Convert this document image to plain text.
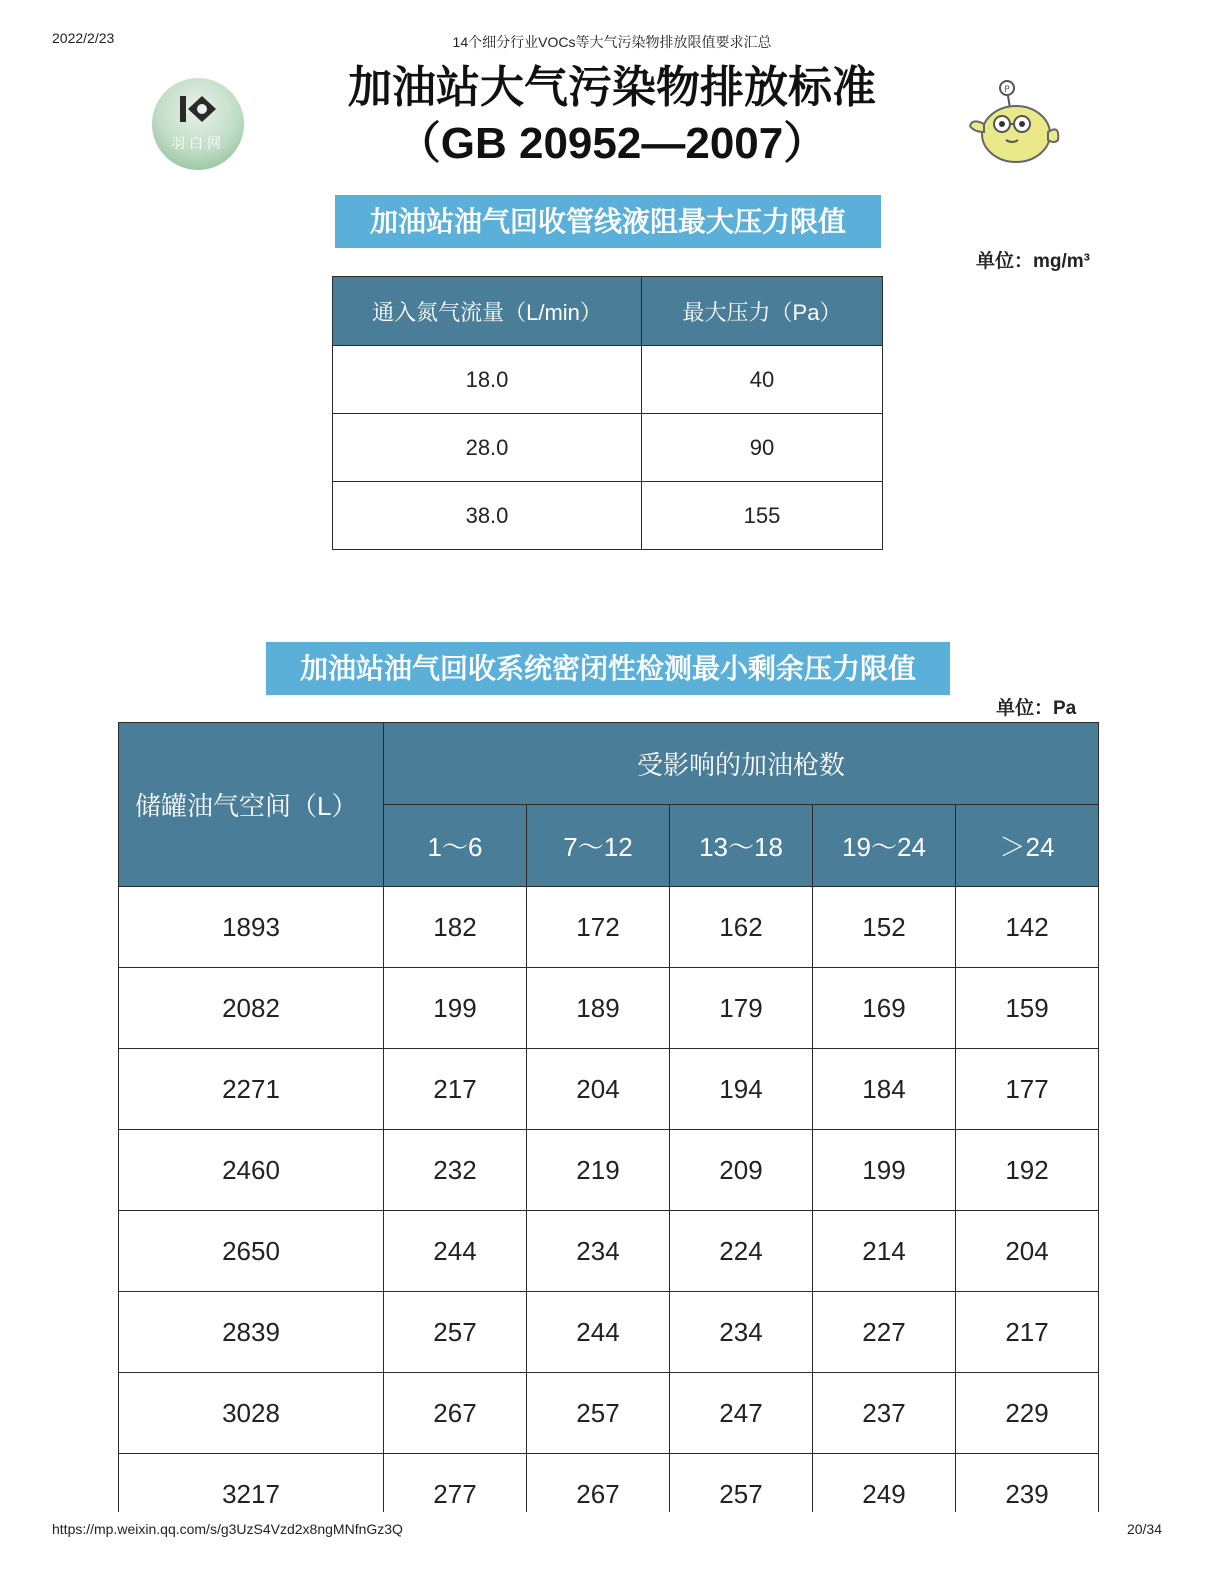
2022/2/23	14个细分行业VOCs等大气污染物排放限值要求汇总
羽白网
P
加油站大气污染物排放标准
（GB 20952—2007）
加油站油气回收管线液阻最大压力限值
单位：mg/m³
通入氮气流量（L/min）	最大压力（Pa）
18.0	40
28.0	90
38.0	155
加油站油气回收系统密闭性检测最小剩余压力限值
单位：Pa
储罐油气空间（L）	受影响的加油枪数				
	1～6	7～12	13～18	19～24	＞24
1893	182	172	162	152	142
2082	199	189	179	169	159
2271	217	204	194	184	177
2460	232	219	209	199	192
2650	244	234	224	214	204
2839	257	244	234	227	217
3028	267	257	247	237	229
3217	277	267	257	249	239
https://mp.weixin.qq.com/s/g3UzS4Vzd2x8ngMNfnGz3Q	20/34
